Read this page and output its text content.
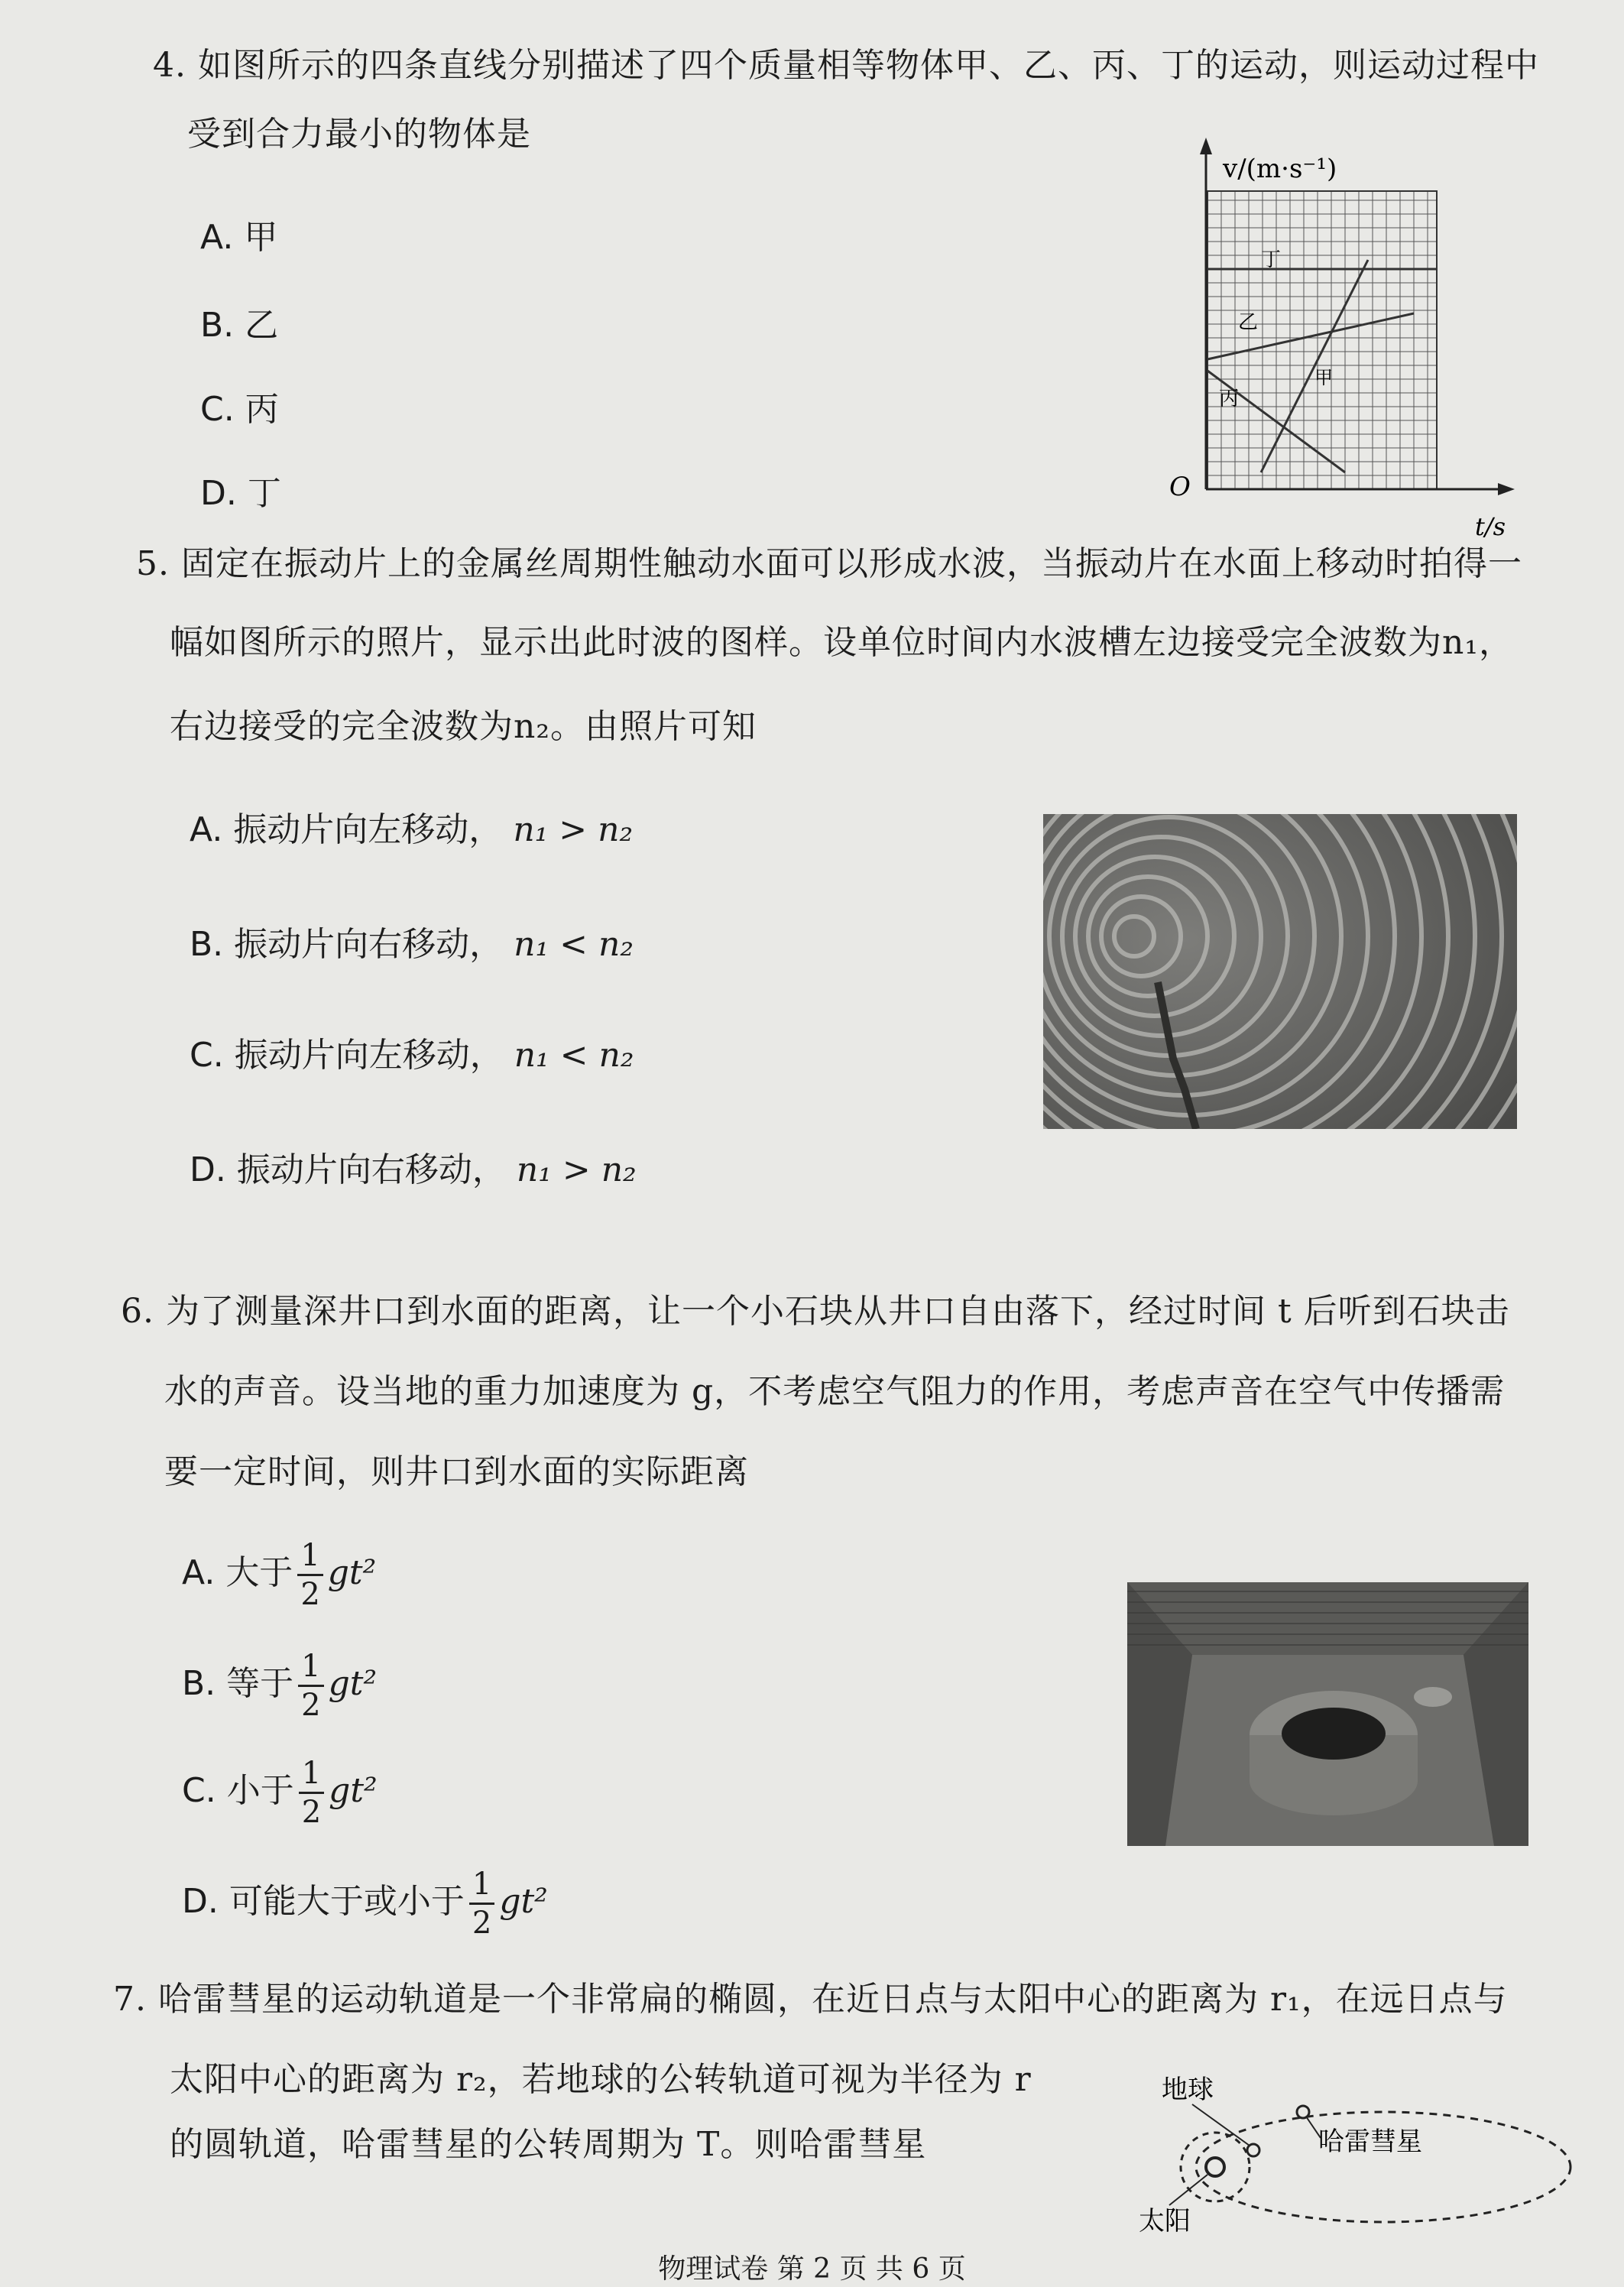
4. 如图所示的四条直线分别描述了四个质量相等物体甲、乙、丙、丁的运动，则运动过程中
受到合力最小的物体是
A. 甲
B. 乙
C. 丙
D. 丁
v/(m·s⁻¹)
t/s
O
丁
乙
甲
丙
5. 固定在振动片上的金属丝周期性触动水面可以形成水波，当振动片在水面上移动时拍得一
幅如图所示的照片，显示出此时波的图样。设单位时间内水波槽左边接受完全波数为n₁，
右边接受的完全波数为n₂。由照片可知
A. 振动片向左移动， n₁ > n₂
B. 振动片向右移动， n₁ < n₂
C. 振动片向左移动， n₁ < n₂
D. 振动片向右移动， n₁ > n₂
6. 为了测量深井口到水面的距离，让一个小石块从井口自由落下，经过时间 t 后听到石块击
水的声音。设当地的重力加速度为 g，不考虑空气阻力的作用，考虑声音在空气中传播需
要一定时间，则井口到水面的实际距离
A. 大于 $\frac{1}{2} gt^2$
B. 等于 $\frac{1}{2} gt^2$
C. 小于 $\frac{1}{2} gt^2$
D. 可能大于或小于 $\frac{1}{2} gt^2$
7. 哈雷彗星的运动轨道是一个非常扁的椭圆，在近日点与太阳中心的距离为 r₁，在远日点与
太阳中心的距离为 r₂，若地球的公转轨道可视为半径为 r
的圆轨道，哈雷彗星的公转周期为 T。则哈雷彗星
地球
哈雷彗星
太阳
物理试卷 第 2 页 共 6 页
